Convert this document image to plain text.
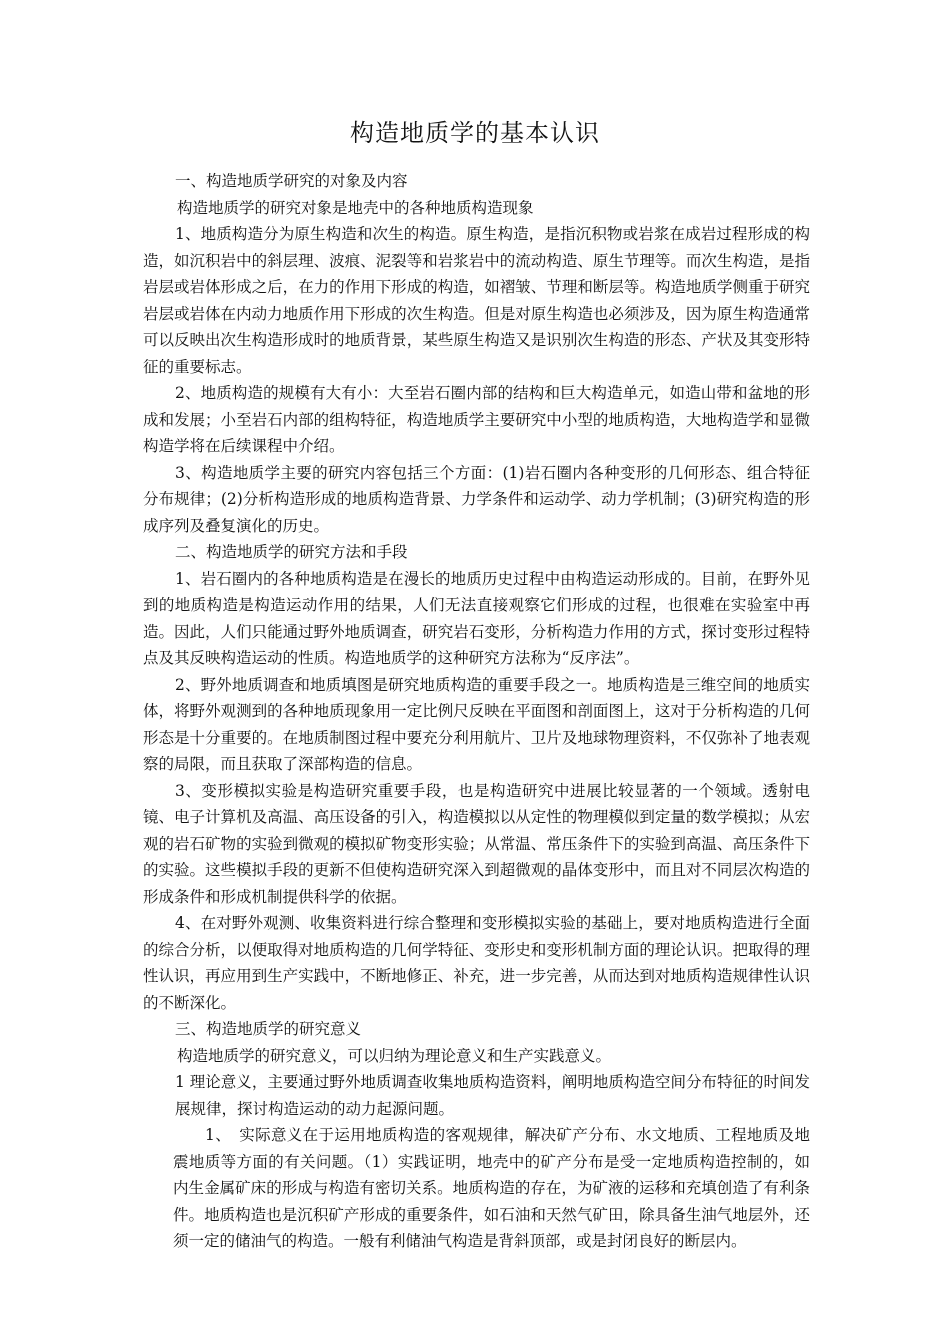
构造地质学的基本认识

一、构造地质学研究的对象及内容

构造地质学的研究对象是地壳中的各种地质构造现象

1、地质构造分为原生构造和次生的构造。原生构造，是指沉积物或岩浆在成岩过程形成的构造，如沉积岩中的斜层理、波痕、泥裂等和岩浆岩中的流动构造、原生节理等。而次生构造，是指岩层或岩体形成之后，在力的作用下形成的构造，如褶皱、节理和断层等。构造地质学侧重于研究岩层或岩体在内动力地质作用下形成的次生构造。但是对原生构造也必须涉及，因为原生构造通常可以反映出次生构造形成时的地质背景，某些原生构造又是识别次生构造的形态、产状及其变形特征的重要标志。

2、地质构造的规模有大有小：大至岩石圈内部的结构和巨大构造单元，如造山带和盆地的形成和发展；小至岩石内部的组构特征，构造地质学主要研究中小型的地质构造，大地构造学和显微构造学将在后续课程中介绍。

3、构造地质学主要的研究内容包括三个方面：(1)岩石圈内各种变形的几何形态、组合特征分布规律；(2)分析构造形成的地质构造背景、力学条件和运动学、动力学机制；(3)研究构造的形成序列及叠复演化的历史。

二、构造地质学的研究方法和手段

1、岩石圈内的各种地质构造是在漫长的地质历史过程中由构造运动形成的。目前，在野外见到的地质构造是构造运动作用的结果，人们无法直接观察它们形成的过程，也很难在实验室中再造。因此，人们只能通过野外地质调查，研究岩石变形，分析构造力作用的方式，探讨变形过程特点及其反映构造运动的性质。构造地质学的这种研究方法称为“反序法”。

2、野外地质调查和地质填图是研究地质构造的重要手段之一。地质构造是三维空间的地质实体，将野外观测到的各种地质现象用一定比例尺反映在平面图和剖面图上，这对于分析构造的几何形态是十分重要的。在地质制图过程中要充分利用航片、卫片及地球物理资料，不仅弥补了地表观察的局限，而且获取了深部构造的信息。

3、变形模拟实验是构造研究重要手段，也是构造研究中进展比较显著的一个领域。透射电镜、电子计算机及高温、高压设备的引入，构造模拟以从定性的物理模似到定量的数学模拟；从宏观的岩石矿物的实验到微观的模拟矿物变形实验；从常温、常压条件下的实验到高温、高压条件下的实验。这些模拟手段的更新不但使构造研究深入到超微观的晶体变形中，而且对不同层次构造的形成条件和形成机制提供科学的依据。

4、在对野外观测、收集资料进行综合整理和变形模拟实验的基础上，要对地质构造进行全面的综合分析，以便取得对地质构造的几何学特征、变形史和变形机制方面的理论认识。把取得的理性认识，再应用到生产实践中，不断地修正、补充，进一步完善，从而达到对地质构造规律性认识的不断深化。

三、构造地质学的研究意义

构造地质学的研究意义，可以归纳为理论意义和生产实践意义。

1 理论意义，主要通过野外地质调查收集地质构造资料，阐明地质构造空间分布特征的时间发展规律，探讨构造运动的动力起源问题。

1、　实际意义在于运用地质构造的客观规律，解决矿产分布、水文地质、工程地质及地震地质等方面的有关问题。（1）实践证明，地壳中的矿产分布是受一定地质构造控制的，如内生金属矿床的形成与构造有密切关系。地质构造的存在，为矿液的运移和充填创造了有利条件。地质构造也是沉积矿产形成的重要条件，如石油和天然气矿田，除具备生油气地层外，还须一定的储油气的构造。一般有利储油气构造是背斜顶部，或是封闭良好的断层内。
